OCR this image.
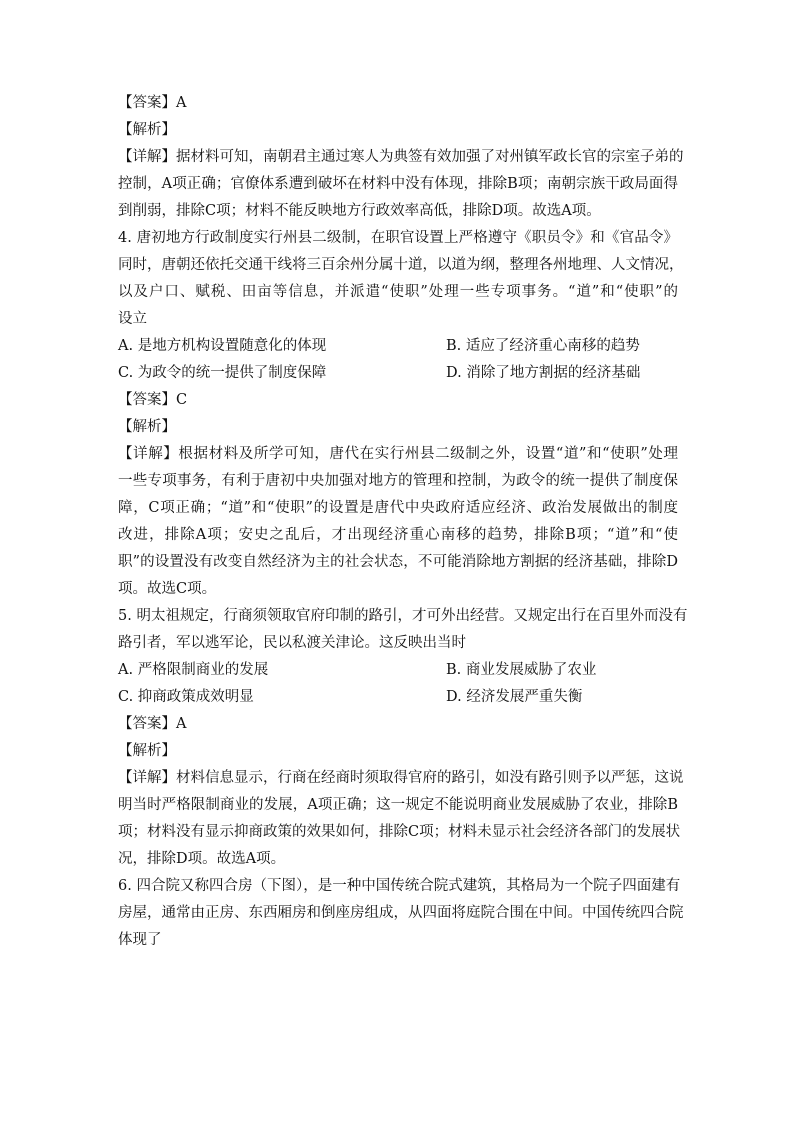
【答案】A
【解析】
【详解】据材料可知，南朝君主通过寒人为典签有效加强了对州镇军政长官的宗室子弟的
控制，A项正确；官僚体系遭到破坏在材料中没有体现，排除B项；南朝宗族干政局面得
到削弱，排除C项；材料不能反映地方行政效率高低，排除D项。故选A项。
4. 唐初地方行政制度实行州县二级制，在职官设置上严格遵守《职员令》和《官品令》
同时，唐朝还依托交通干线将三百余州分属十道，以道为纲，整理各州地理、人文情况，
以及户口、赋税、田亩等信息，并派遣“使职”处理一些专项事务。“道”和“使职”的
设立
A. 是地方机构设置随意化的体现	B. 适应了经济重心南移的趋势
C. 为政令的统一提供了制度保障	D. 消除了地方割据的经济基础
【答案】C
【解析】
【详解】根据材料及所学可知，唐代在实行州县二级制之外，设置“道”和“使职”处理
一些专项事务，有利于唐初中央加强对地方的管理和控制，为政令的统一提供了制度保
障，C项正确；“道”和“使职”的设置是唐代中央政府适应经济、政治发展做出的制度
改进，排除A项；安史之乱后，才出现经济重心南移的趋势，排除B项；“道”和“使
职”的设置没有改变自然经济为主的社会状态，不可能消除地方割据的经济基础，排除D
项。故选C项。
5. 明太祖规定，行商须领取官府印制的路引，才可外出经营。又规定出行在百里外而没有
路引者，军以逃军论，民以私渡关津论。这反映出当时
A. 严格限制商业的发展	B. 商业发展威胁了农业
C. 抑商政策成效明显	D. 经济发展严重失衡
【答案】A
【解析】
【详解】材料信息显示，行商在经商时须取得官府的路引，如没有路引则予以严惩，这说
明当时严格限制商业的发展，A项正确；这一规定不能说明商业发展威胁了农业，排除B
项；材料没有显示抑商政策的效果如何，排除C项；材料未显示社会经济各部门的发展状
况，排除D项。故选A项。
6. 四合院又称四合房（下图），是一种中国传统合院式建筑，其格局为一个院子四面建有
房屋，通常由正房、东西厢房和倒座房组成，从四面将庭院合围在中间。中国传统四合院
体现了
